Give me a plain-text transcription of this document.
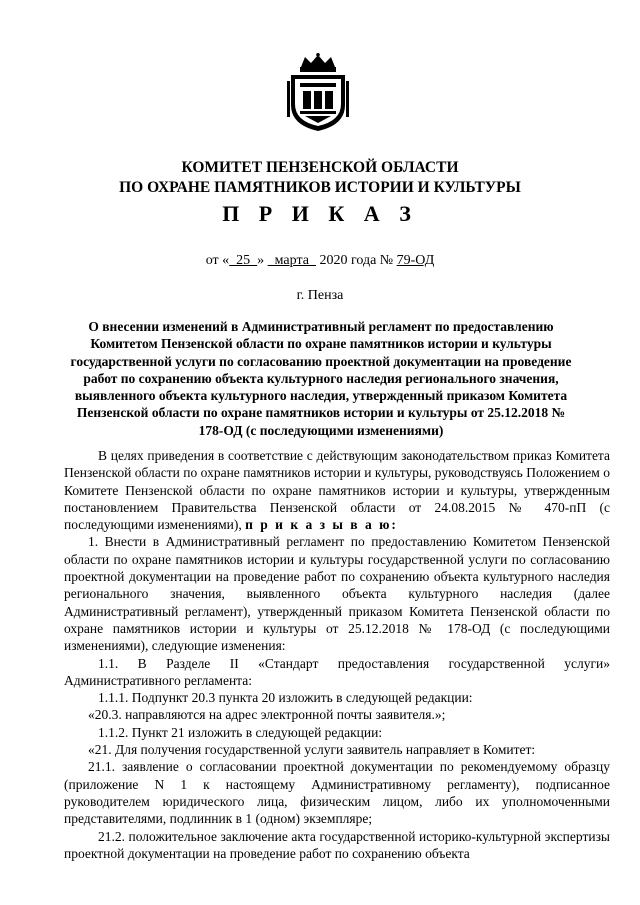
КОМИТЕТ ПЕНЗЕНСКОЙ ОБЛАСТИ
ПО ОХРАНЕ ПАМЯТНИКОВ ИСТОРИИ И КУЛЬТУРЫ
П Р И К А З
от «  25  »   марта   2020 года № 79-ОД
г. Пенза
О внесении изменений в Административный регламент по предоставлению Комитетом Пензенской области по охране памятников истории и культуры государственной услуги по согласованию проектной документации на проведение работ по сохранению объекта культурного наследия регионального значения, выявленного объекта культурного наследия, утвержденный приказом Комитета Пензенской области по охране памятников истории и культуры от 25.12.2018 № 178-ОД (с последующими изменениями)

В целях приведения в соответствие с действующим законодательством приказ Комитета Пензенской области по охране памятников истории и культуры, руководствуясь Положением о Комитете Пензенской области по охране памятников истории и культуры, утвержденным постановлением Правительства Пензенской области от 24.08.2015 № 470-пП (с последующими изменениями), п р и к а з ы в а ю:

1. Внести в Административный регламент по предоставлению Комитетом Пензенской области по охране памятников истории и культуры государственной услуги по согласованию проектной документации на проведение работ по сохранению объекта культурного наследия регионального значения, выявленного объекта культурного наследия (далее Административный регламент), утвержденный приказом Комитета Пензенской области по охране памятников истории и культуры от 25.12.2018 № 178-ОД (с последующими изменениями), следующие изменения:

1.1. В Разделе II «Стандарт предоставления государственной услуги» Административного регламента:

1.1.1. Подпункт 20.3 пункта 20 изложить в следующей редакции:

«20.3. направляются на адрес электронной почты заявителя.»;

1.1.2. Пункт 21 изложить в следующей редакции:

«21. Для получения государственной услуги заявитель направляет в Комитет:

21.1. заявление о согласовании проектной документации по рекомендуемому образцу (приложение N 1 к настоящему Административному регламенту), подписанное руководителем юридического лица, физическим лицом, либо их уполномоченными представителями, подлинник в 1 (одном) экземпляре;

21.2. положительное заключение акта государственной историко-культурной экспертизы проектной документации на проведение работ по сохранению объекта
